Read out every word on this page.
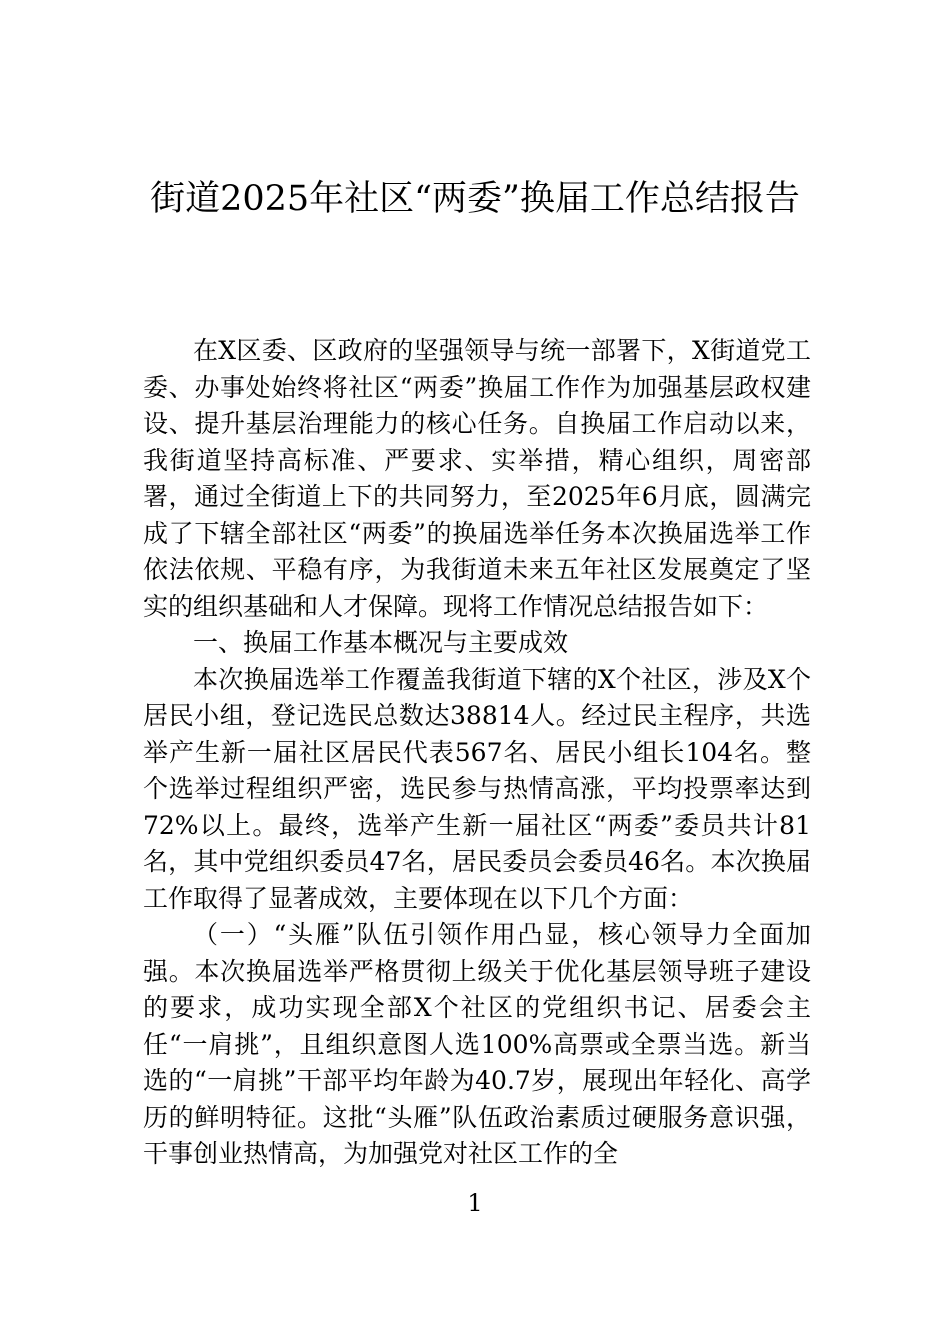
街道2025年社区“两委”换届工作总结报告

在X区委、区政府的坚强领导与统一部署下，X街道党工委、办事处始终将社区“两委”换届工作作为加强基层政权建设、提升基层治理能力的核心任务。自换届工作启动以来，我街道坚持高标准、严要求、实举措，精心组织，周密部署，通过全街道上下的共同努力，至2025年6月底，圆满完成了下辖全部社区“两委”的换届选举任务本次换届选举工作依法依规、平稳有序，为我街道未来五年社区发展奠定了坚实的组织基础和人才保障。现将工作情况总结报告如下：

一、换届工作基本概况与主要成效

本次换届选举工作覆盖我街道下辖的X个社区，涉及X个居民小组，登记选民总数达38814人。经过民主程序，共选举产生新一届社区居民代表567名、居民小组长104名。整个选举过程组织严密，选民参与热情高涨，平均投票率达到72%以上。最终，选举产生新一届社区“两委”委员共计81名，其中党组织委员47名，居民委员会委员46名。本次换届工作取得了显著成效，主要体现在以下几个方面：

（一）“头雁”队伍引领作用凸显，核心领导力全面加强。本次换届选举严格贯彻上级关于优化基层领导班子建设的要求，成功实现全部X个社区的党组织书记、居委会主任“一肩挑”，且组织意图人选100%高票或全票当选。新当选的“一肩挑”干部平均年龄为40.7岁，展现出年轻化、高学历的鲜明特征。这批“头雁”队伍政治素质过硬服务意识强，干事创业热情高，为加强党对社区工作的全

1
